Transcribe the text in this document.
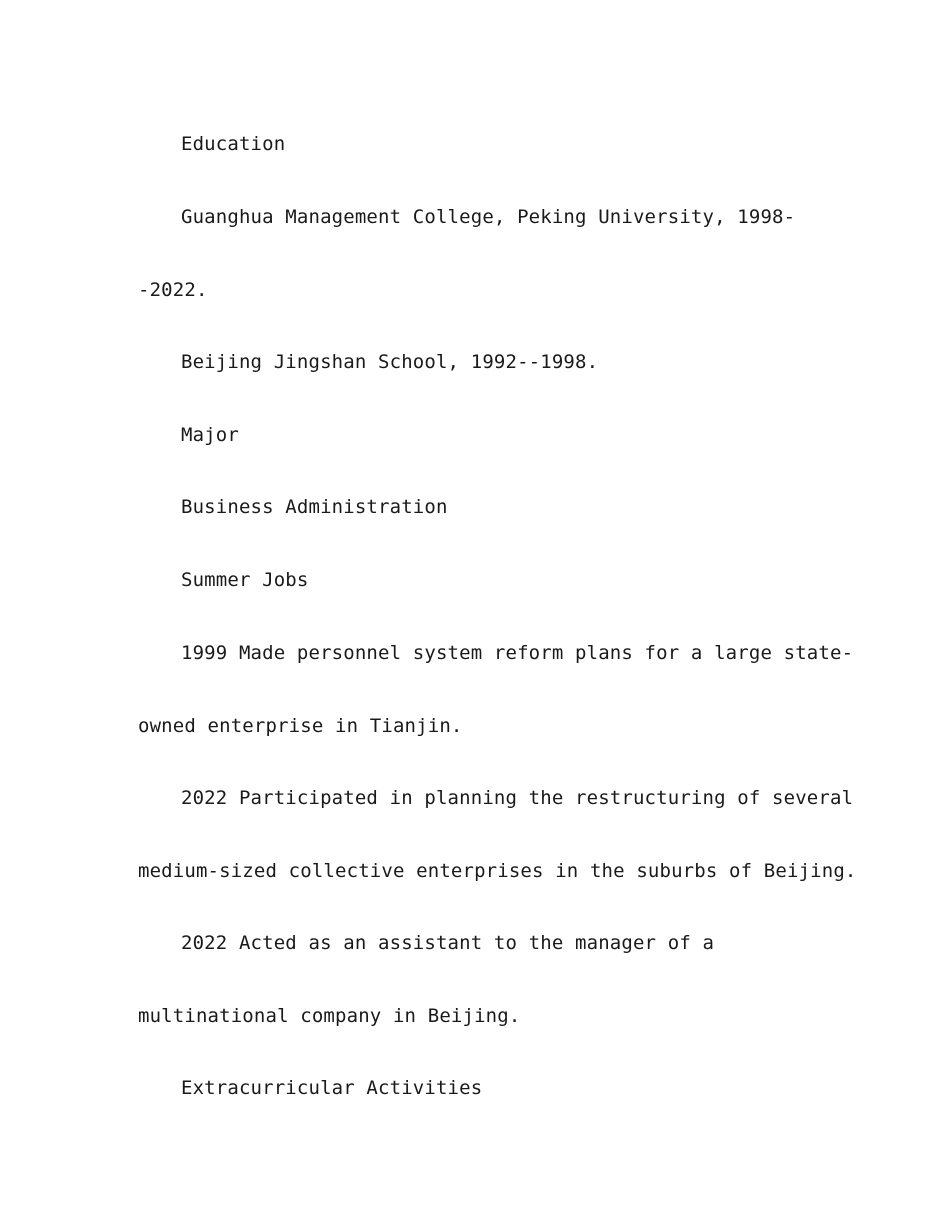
Education
Guanghua Management College, Peking University, 1998-
-2022.
Beijing Jingshan School, 1992--1998.
Major
Business Administration
Summer Jobs
1999 Made personnel system reform plans for a large state-
owned enterprise in Tianjin.
2022 Participated in planning the restructuring of several
medium-sized collective enterprises in the suburbs of Beijing.
2022 Acted as an assistant to the manager of a
multinational company in Beijing.
Extracurricular Activities
